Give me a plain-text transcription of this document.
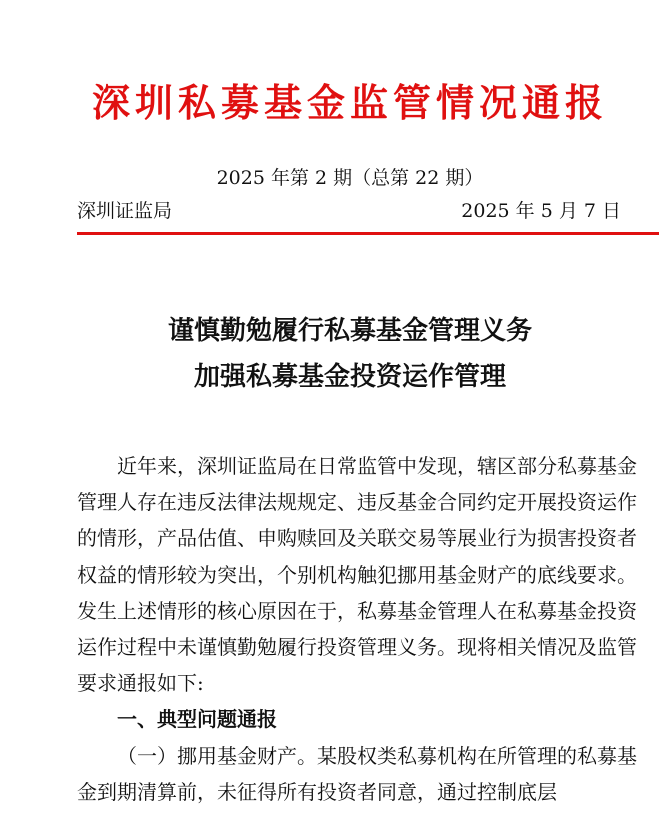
深圳私募基金监管情况通报
2025 年第 2 期（总第 22 期）
深圳证监局	2025 年 5 月 7 日
谨慎勤勉履行私募基金管理义务
加强私募基金投资运作管理

近年来，深圳证监局在日常监管中发现，辖区部分私募基金管理人存在违反法律法规规定、违反基金合同约定开展投资运作的情形，产品估值、申购赎回及关联交易等展业行为损害投资者权益的情形较为突出，个别机构触犯挪用基金财产的底线要求。发生上述情形的核心原因在于，私募基金管理人在私募基金投资运作过程中未谨慎勤勉履行投资管理义务。现将相关情况及监管要求通报如下:

一、典型问题通报

（一）挪用基金财产。某股权类私募机构在所管理的私募基金到期清算前，未征得所有投资者同意，通过控制底层
